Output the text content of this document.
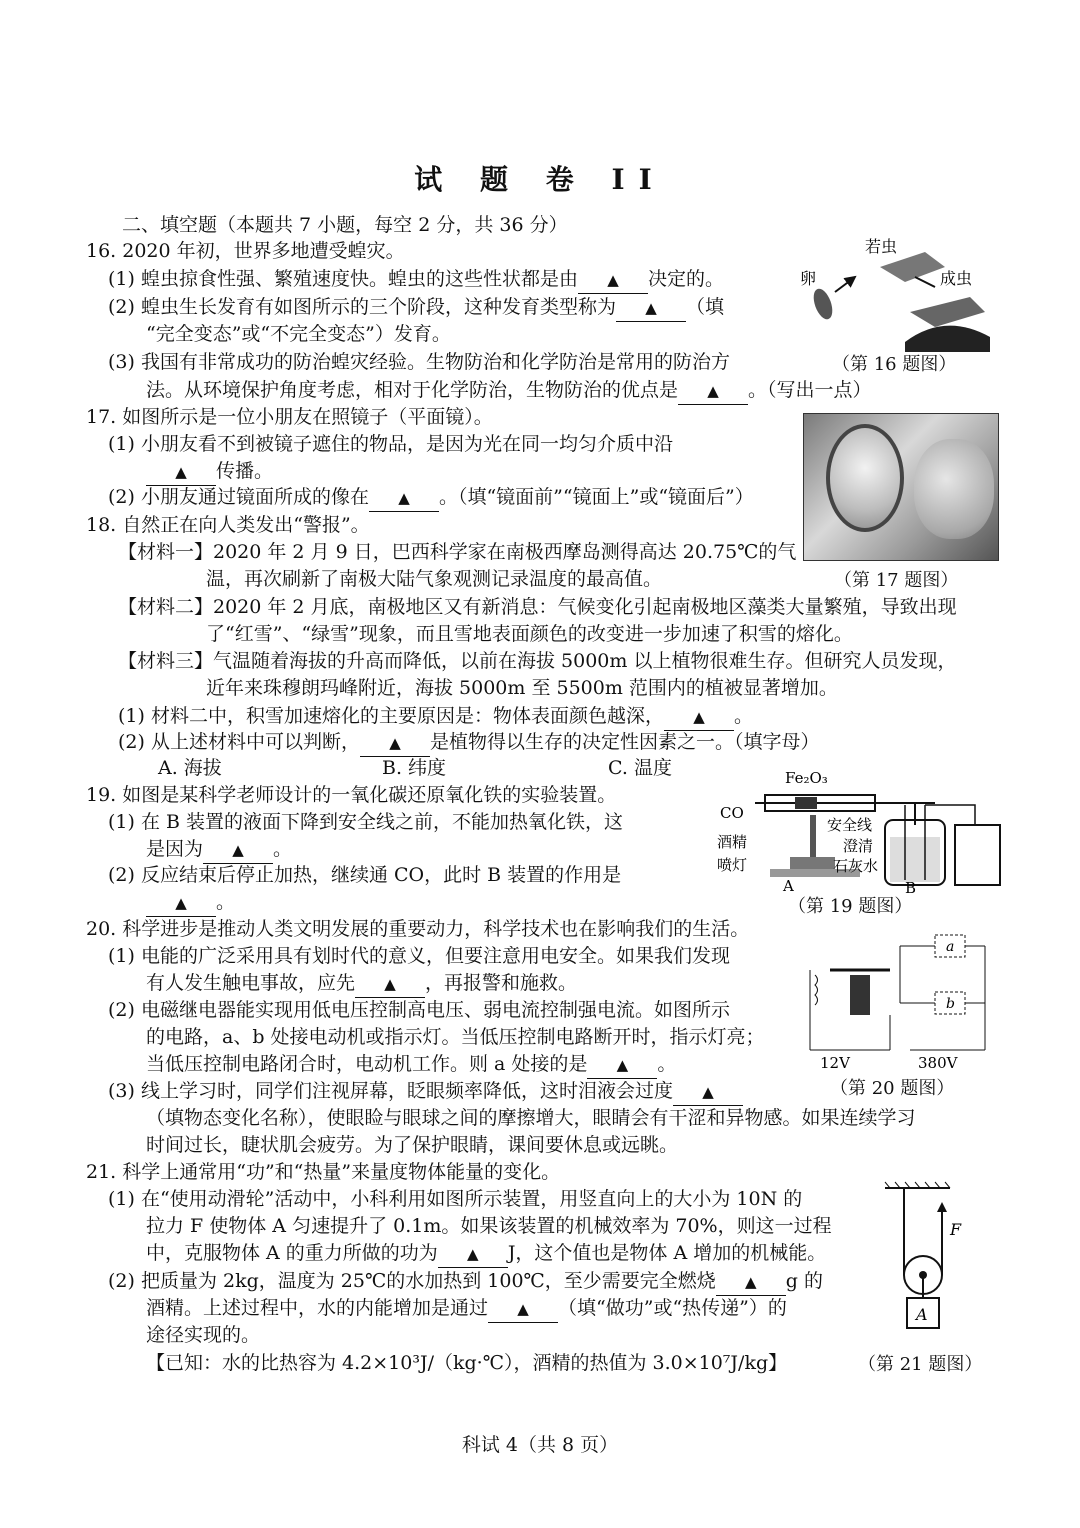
试 题 卷 II
二、填空题（本题共 7 小题，每空 2 分，共 36 分）
16. 2020 年初，世界多地遭受蝗灾。
(1) 蝗虫掠食性强、繁殖速度快。蝗虫的这些性状都是由 ▲ 决定的。
(2) 蝗虫生长发育有如图所示的三个阶段，这种发育类型称为 ▲ （填
“完全变态”或“不完全变态”）发育。
(3) 我国有非常成功的防治蝗灾经验。生物防治和化学防治是常用的防治方
法。从环境保护角度考虑，相对于化学防治，生物防治的优点是 ▲ 。（写出一点）
卵
若虫
成虫
（第 16 题图）
17. 如图所示是一位小朋友在照镜子（平面镜）。
(1) 小朋友看不到被镜子遮住的物品，是因为光在同一均匀介质中沿
▲ 传播。
(2) 小朋友通过镜面所成的像在 ▲ 。（填“镜面前”“镜面上”或“镜面后”）
（第 17 题图）
18. 自然正在向人类发出“警报”。
【材料一】2020 年 2 月 9 日，巴西科学家在南极西摩岛测得高达 20.75℃的气
温，再次刷新了南极大陆气象观测记录温度的最高值。
【材料二】2020 年 2 月底，南极地区又有新消息：气候变化引起南极地区藻类大量繁殖，导致出现
了“红雪”、“绿雪”现象，而且雪地表面颜色的改变进一步加速了积雪的熔化。
【材料三】气温随着海拔的升高而降低，以前在海拔 5000m 以上植物很难生存。但研究人员发现，
近年来珠穆朗玛峰附近，海拔 5000m 至 5500m 范围内的植被显著增加。
(1) 材料二中，积雪加速熔化的主要原因是：物体表面颜色越深， ▲ 。
(2) 从上述材料中可以判断， ▲ 是植物得以生存的决定性因素之一。（填字母）
A. 海拔	B. 纬度	C. 温度
19. 如图是某科学老师设计的一氧化碳还原氧化铁的实验装置。
(1) 在 B 装置的液面下降到安全线之前，不能加热氧化铁，这
是因为 ▲ 。
(2) 反应结束后停止加热，继续通 CO，此时 B 装置的作用是
▲ 。
Fe₂O₃
CO
酒精
喷灯
安全线
澄清
石灰水
A	B
（第 19 题图）
20. 科学进步是推动人类文明发展的重要动力，科学技术也在影响我们的生活。
(1) 电能的广泛采用具有划时代的意义，但要注意用电安全。如果我们发现
有人发生触电事故，应先 ▲ ，再报警和施救。
(2) 电磁继电器能实现用低电压控制高电压、弱电流控制强电流。如图所示
的电路，a、b 处接电动机或指示灯。当低压控制电路断开时，指示灯亮；
当低压控制电路闭合时，电动机工作。则 a 处接的是 ▲ 。
(3) 线上学习时，同学们注视屏幕，眨眼频率降低，这时泪液会过度 ▲
（填物态变化名称），使眼睑与眼球之间的摩擦增大，眼睛会有干涩和异物感。如果连续学习
时间过长，睫状肌会疲劳。为了保护眼睛，课间要休息或远眺。
12V	380V
a
b
（第 20 题图）
21. 科学上通常用“功”和“热量”来量度物体能量的变化。
(1) 在“使用动滑轮”活动中，小科利用如图所示装置，用竖直向上的大小为 10N 的
拉力 F 使物体 A 匀速提升了 0.1m。如果该装置的机械效率为 70%，则这一过程
中，克服物体 A 的重力所做的功为 ▲ J，这个值也是物体 A 增加的机械能。
(2) 把质量为 2kg，温度为 25℃的水加热到 100℃，至少需要完全燃烧 ▲ g 的
酒精。上述过程中，水的内能增加是通过 ▲ （填“做功”或“热传递”）的
途径实现的。
【已知：水的比热容为 4.2×10³J/（kg·℃），酒精的热值为 3.0×10⁷J/kg】
F
A
（第 21 题图）
科试 4（共 8 页）
